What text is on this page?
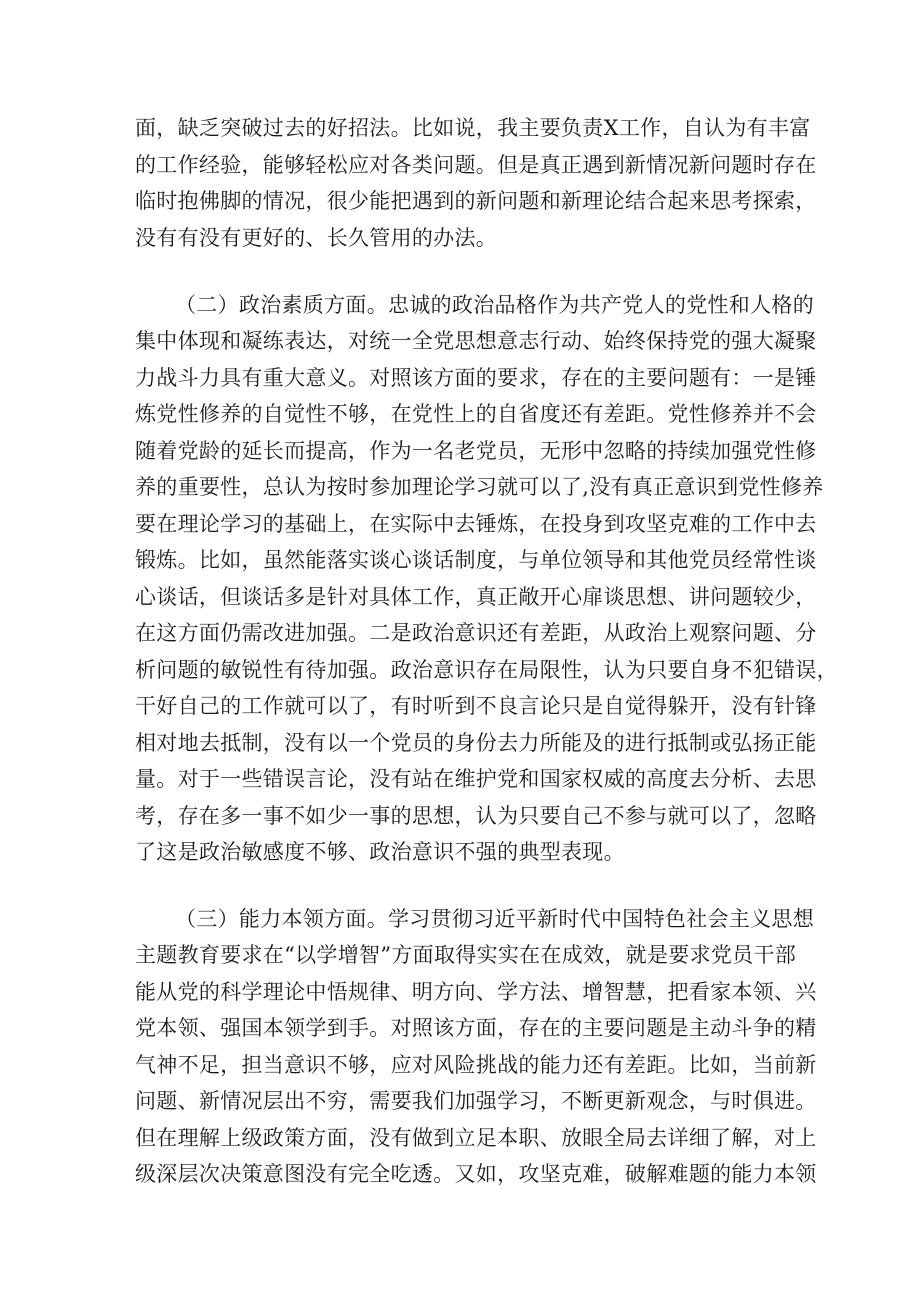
面，缺乏突破过去的好招法。比如说，我主要负责X工作，自认为有丰富
的工作经验，能够轻松应对各类问题。但是真正遇到新情况新问题时存在
临时抱佛脚的情况，很少能把遇到的新问题和新理论结合起来思考探索，
没有有没有更好的、长久管用的办法。
（二）政治素质方面。忠诚的政治品格作为共产党人的党性和人格的
集中体现和凝练表达，对统一全党思想意志行动、始终保持党的强大凝聚
力战斗力具有重大意义。对照该方面的要求，存在的主要问题有：一是锤
炼党性修养的自觉性不够，在党性上的自省度还有差距。党性修养并不会
随着党龄的延长而提高，作为一名老党员，无形中忽略的持续加强党性修
养的重要性，总认为按时参加理论学习就可以了,没有真正意识到党性修养
要在理论学习的基础上，在实际中去锤炼，在投身到攻坚克难的工作中去
锻炼。比如，虽然能落实谈心谈话制度，与单位领导和其他党员经常性谈
心谈话，但谈话多是针对具体工作，真正敞开心扉谈思想、讲问题较少，
在这方面仍需改进加强。二是政治意识还有差距，从政治上观察问题、分
析问题的敏锐性有待加强。政治意识存在局限性，认为只要自身不犯错误，
干好自己的工作就可以了，有时听到不良言论只是自觉得躲开，没有针锋
相对地去抵制，没有以一个党员的身份去力所能及的进行抵制或弘扬正能
量。对于一些错误言论，没有站在维护党和国家权威的高度去分析、去思
考，存在多一事不如少一事的思想，认为只要自己不参与就可以了，忽略
了这是政治敏感度不够、政治意识不强的典型表现。
（三）能力本领方面。学习贯彻习近平新时代中国特色社会主义思想
主题教育要求在“以学增智”方面取得实实在在成效，就是要求党员干部
能从党的科学理论中悟规律、明方向、学方法、增智慧，把看家本领、兴
党本领、强国本领学到手。对照该方面，存在的主要问题是主动斗争的精
气神不足，担当意识不够，应对风险挑战的能力还有差距。比如，当前新
问题、新情况层出不穷，需要我们加强学习，不断更新观念，与时俱进。
但在理解上级政策方面，没有做到立足本职、放眼全局去详细了解，对上
级深层次决策意图没有完全吃透。又如，攻坚克难，破解难题的能力本领
